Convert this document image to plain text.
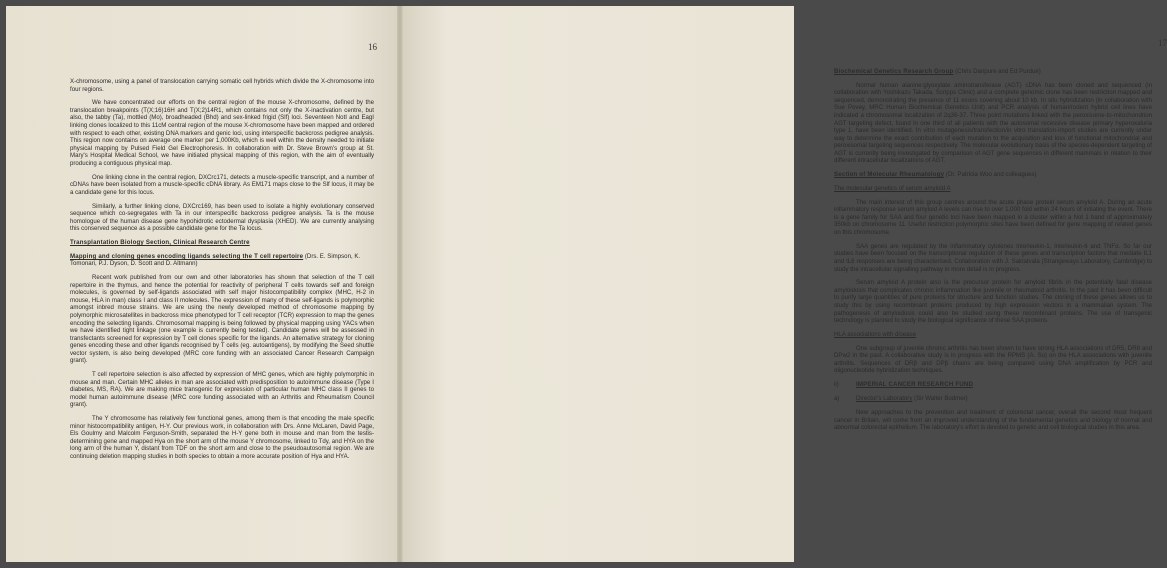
16

X-chromosome, using a panel of translocation carrying somatic cell hybrids which divide the X-chromosome into four regions.

We have concentrated our efforts on the central region of the mouse X-chromosome, defined by the translocation breakpoints (T(X;16)16H and T(X;2)14R1, which contains not only the X-inactivation centre, but also, the tabby (Ta), mottled (Mo), broadheaded (Bhd) and sex-linked frigid (Slf) loci. Seventeen NotI and EagI linking clones localized to this 11cM central region of the mouse X-chromosome have been mapped and ordered with respect to each other, existing DNA markers and genic loci, using interspecific backcross pedigree analysis. This region now contains on average one marker per 1,000Kb, which is well within the density needed to initiate physical mapping by Pulsed Field Gel Electrophoresis. In collaboration with Dr. Steve Brown's group at St. Mary's Hospital Medical School, we have initiated physical mapping of this region, with the aim of eventually producing a contiguous physical map.

One linking clone in the central region, DXCrc171, detects a muscle-specific transcript, and a number of cDNAs have been isolated from a muscle-specific cDNA library. As EM171 maps close to the Slf locus, it may be a candidate gene for this locus.

Similarly, a further linking clone, DXCrc169, has been used to isolate a highly evolutionary conserved sequence which co-segregates with Ta in our interspecific backcross pedigree analysis. Ta is the mouse homologue of the human disease gene hypohidrotic ectodermal dysplasia (XHED). We are currently analysing this conserved sequence as a possible candidate gene for the Ta locus.

Transplantation Biology Section, Clinical Research Centre

Mapping and cloning genes encoding ligands selecting the T cell repertoire (Drs. E. Simpson, K. Tomonari, P.J. Dyson, D. Scott and D. Altmann)

Recent work published from our own and other laboratories has shown that selection of the T cell repertoire in the thymus, and hence the potential for reactivity of peripheral T cells towards self and foreign molecules, is governed by self-ligands associated with self major histocompatibility complex (MHC, H-2 in mouse, HLA in man) class I and class II molecules. The expression of many of these self-ligands is polymorphic amongst inbred mouse strains. We are using the newly developed method of chromosome mapping by polymorphic microsatellites in backcross mice phenotyped for T cell receptor (TCR) expression to map the genes encoding the selecting ligands. Chromosomal mapping is being followed by physical mapping using YACs when we have identified tight linkage (one example is currently being tested). Candidate genes will be assessed in transfectants screened for expression by T cell clones specific for the ligands. An alternative strategy for cloning genes encoding these and other ligands recognised by T cells (eg. autoantigens), by modifying the Seed shuttle vector system, is also being developed (MRC core funding with an associated Cancer Research Campaign grant).

T cell repertoire selection is also affected by expression of MHC genes, which are highly polymorphic in mouse and man. Certain MHC alleles in man are associated with predisposition to autoimmune disease (Type I diabetes, MS, RA). We are making mice transgenic for expression of particular human MHC class II genes to model human autoimmune disease (MRC core funding associated with an Arthritis and Rheumatism Council grant).

The Y chromosome has relatively few functional genes, among them is that encoding the male specific minor histocompatibility antigen, H-Y. Our previous work, in collaboration with Drs. Anne McLaren, David Page, Els Goulmy and Malcolm Ferguson-Smith, separated the H-Y gene both in mouse and man from the testis-determining gene and mapped Hya on the short arm of the mouse Y chromosome, linked to Tdy, and HYA on the long arm of the human Y, distant from TDF on the short arm and close to the pseudoautosomal region. We are continuing deletion mapping studies in both species to obtain a more accurate position of Hya and HYA.

17

Biochemical Genetics Research Group (Chris Danpure and Ed Purdue)

Normal human alanine:glyoxylate aminotransferase (AGT) cDNA has been cloned and sequenced (in collaboration with Yoshikazu Takada, Scripps Clinic) and a complete genomic clone has been restriction mapped and sequenced, demonstrating the presence of 11 exons covering about 10 kb. In situ hybridization (in collaboration with Sue Povey, MRC Human Biochemical Genetics Unit) and PCR analysis of human/rodent hybrid cell lines have indicated a chromosomal localization of 2q36-37. Three point mutations linked with the peroxisome-to-mitochondrion AGT targeting defect, found in one third of all patients with the autosomal recessive disease primary hyperoxaluria type 1, have been identified. In vitro mutagenesis/transfection/in vitro translation-import studies are currently under way to determine the exact contribution of each mutation to the acquisition and loss of functional mitochondrial and peroxisomal targeting sequences respectively. The molecular evolutionary basis of the species-dependent targeting of AGT is currently being investigated by comparison of AGT gene sequences in different mammals in relation to their different intracellular localizations of AGT.

Section of Molecular Rheumatology (Dr. Patricia Woo and colleagues)

The molecular genetics of serum amyloid A

The main interest of this group centres around the acute phase protein serum amyloid A. During an acute inflammatory response serum amyloid A levels can rise to over 1,000 fold within 24 hours of initiating the event. There is a gene family for SAA and four genetic loci have been mapped in a cluster within a Not 1 band of approximately 350kb on chromosome 11. Useful restriction polymorphic sites have been defined for gene mapping of related genes on this chromosome.

SAA genes are regulated by the inflammatory cytokines Interleukin-1, Interleukin-6 and TNFα. So far our studies have been focused on the transcriptional regulation of these genes and transcription factors that mediate IL1 and IL6 responses are being characterised. Collaboration with J. Saklatvala (Strangeways Laboratory, Cambridge) to study the intracellular signalling pathway in more detail is in progress.

Serum amyloid A protein also is the precursor protein for amyloid fibrils in the potentially fatal disease amyloidosis that complicates chronic inflammation like juvenile or rheumatoid arthritis. In the past it has been difficult to purify large quantities of pure proteins for structure and function studies. The cloning of these genes allows us to study this by using recombinant proteins produced by high expression vectors in a mammalian system. The pathogenesis of amyloidosis could also be studied using these recombinant proteins. The use of transgenic technology is planned to study the biological significance of these SAA proteins.

HLA associations with disease

One subgroup of juvenile chronic arthritis has been shown to have strong HLA associations of DR5, DR8 and DPw2 in the past. A collaborative study is in progress with the RPMS (A. So) on the HLA associations with juvenile arthritis. Sequences of DRβ and DPβ chains are being compared using DNA amplification by PCR and oligonucleotide hybridization techniques.

ii)	IMPERIAL CANCER RESEARCH FUND
a)	Director's Laboratory (Sir Walter Bodmer)

New approaches to the prevention and treatment of colorectal cancer, overall the second most frequent cancer in Britain, will come from an improved understanding of the fundamental genetics and biology of normal and abnormal colorectal epithelium. The laboratory's effort is devoted to genetic and cell biological studies in this area.
